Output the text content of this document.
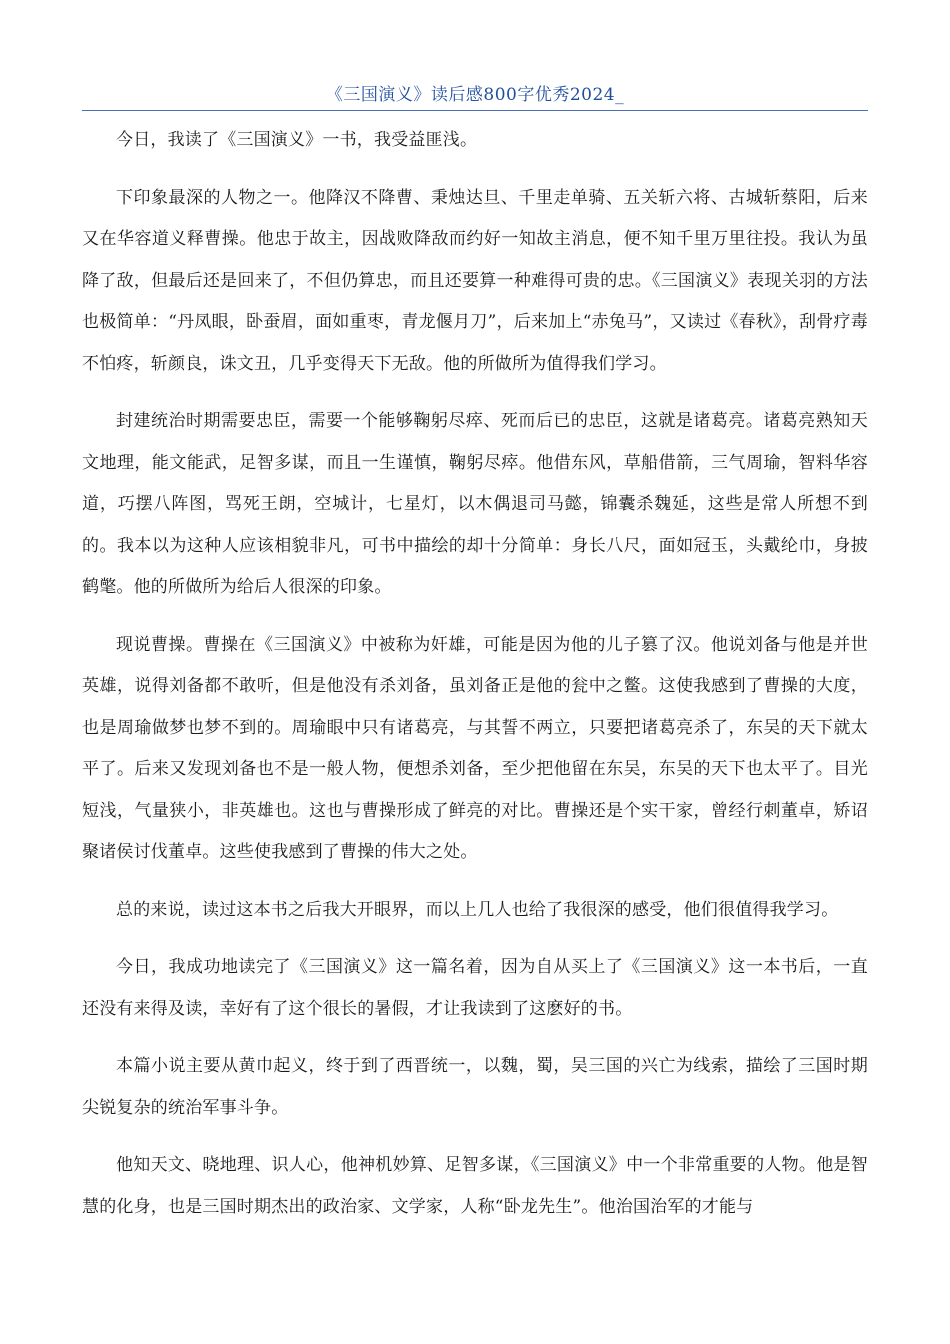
《三国演义》读后感800字优秀2024_

今日，我读了《三国演义》一书，我受益匪浅。

下印象最深的人物之一。他降汉不降曹、秉烛达旦、千里走单骑、五关斩六将、古城斩蔡阳，后来又在华容道义释曹操。他忠于故主，因战败降敌而约好一知故主消息，便不知千里万里往投。我认为虽降了敌，但最后还是回来了，不但仍算忠，而且还要算一种难得可贵的忠。《三国演义》表现关羽的方法也极简单：“丹凤眼，卧蚕眉，面如重枣，青龙偃月刀”，后来加上“赤兔马”，又读过《春秋》，刮骨疗毒不怕疼，斩颜良，诛文丑，几乎变得天下无敌。他的所做所为值得我们学习。

封建统治时期需要忠臣，需要一个能够鞠躬尽瘁、死而后已的忠臣，这就是诸葛亮。诸葛亮熟知天文地理，能文能武，足智多谋，而且一生谨慎，鞠躬尽瘁。他借东风，草船借箭，三气周瑜，智料华容道，巧摆八阵图，骂死王朗，空城计，七星灯，以木偶退司马懿，锦囊杀魏延，这些是常人所想不到的。我本以为这种人应该相貌非凡，可书中描绘的却十分简单：身长八尺，面如冠玉，头戴纶巾，身披鹤氅。他的所做所为给后人很深的印象。

现说曹操。曹操在《三国演义》中被称为奸雄，可能是因为他的儿子篡了汉。他说刘备与他是并世英雄，说得刘备都不敢听，但是他没有杀刘备，虽刘备正是他的瓮中之鳖。这使我感到了曹操的大度，也是周瑜做梦也梦不到的。周瑜眼中只有诸葛亮，与其誓不两立，只要把诸葛亮杀了，东吴的天下就太平了。后来又发现刘备也不是一般人物，便想杀刘备，至少把他留在东吴，东吴的天下也太平了。目光短浅，气量狭小，非英雄也。这也与曹操形成了鲜亮的对比。曹操还是个实干家，曾经行刺董卓，矫诏聚诸侯讨伐董卓。这些使我感到了曹操的伟大之处。

总的来说，读过这本书之后我大开眼界，而以上几人也给了我很深的感受，他们很值得我学习。

今日，我成功地读完了《三国演义》这一篇名着，因为自从买上了《三国演义》这一本书后，一直还没有来得及读，幸好有了这个很长的暑假，才让我读到了这麽好的书。

本篇小说主要从黄巾起义，终于到了西晋统一，以魏，蜀，吴三国的兴亡为线索，描绘了三国时期尖锐复杂的统治军事斗争。

他知天文、晓地理、识人心，他神机妙算、足智多谋，《三国演义》中一个非常重要的人物。他是智慧的化身，也是三国时期杰出的政治家、文学家，人称“卧龙先生”。他治国治军的才能与
